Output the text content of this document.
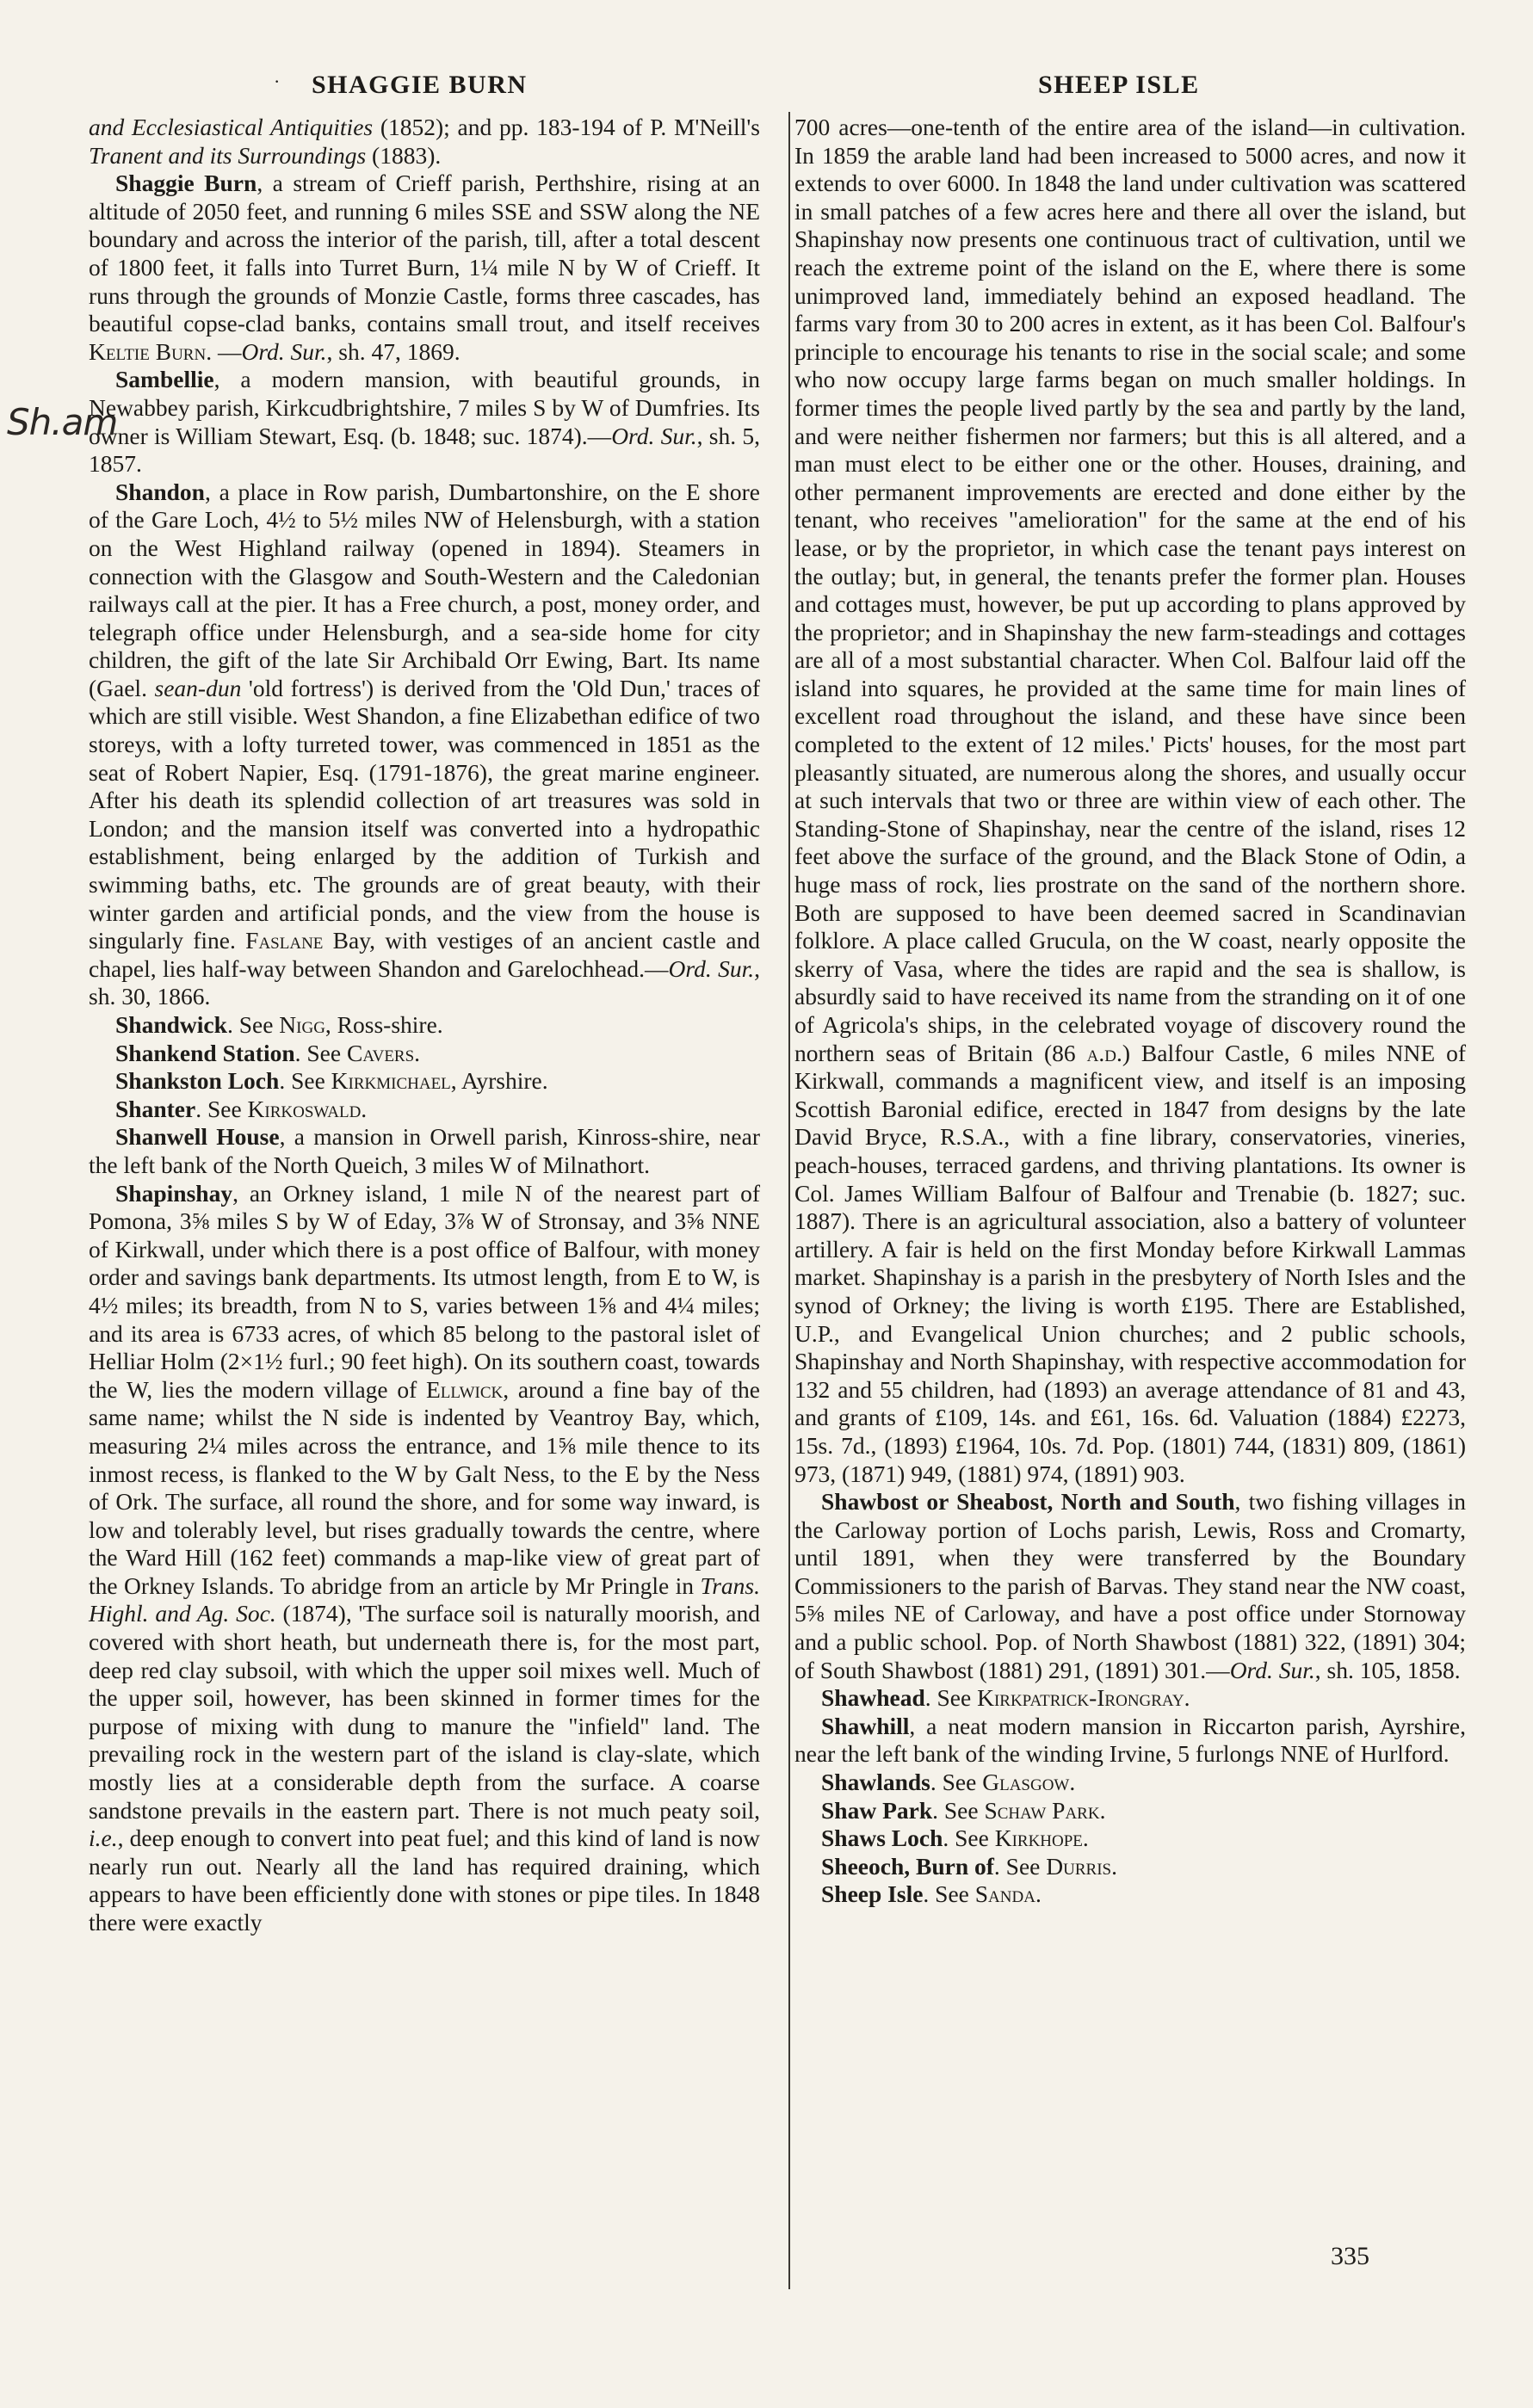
· SHAGGIE BURN	SHEEP ISLE
Sh.am

and Ecclesiastical Antiquities (1852); and pp. 183-194 of P. M'Neill's Tranent and its Surroundings (1883).

Shaggie Burn, a stream of Crieff parish, Perthshire, rising at an altitude of 2050 feet, and running 6 miles SSE and SSW along the NE boundary and across the interior of the parish, till, after a total descent of 1800 feet, it falls into Turret Burn, 1¼ mile N by W of Crieff. It runs through the grounds of Monzie Castle, forms three cascades, has beautiful copse-clad banks, contains small trout, and itself receives Keltie Burn. —Ord. Sur., sh. 47, 1869.

Sambellie, a modern mansion, with beautiful grounds, in Newabbey parish, Kirkcudbrightshire, 7 miles S by W of Dumfries. Its owner is William Stewart, Esq. (b. 1848; suc. 1874).—Ord. Sur., sh. 5, 1857.

Shandon, a place in Row parish, Dumbartonshire, on the E shore of the Gare Loch, 4½ to 5½ miles NW of Helensburgh, with a station on the West Highland railway (opened in 1894). Steamers in connection with the Glasgow and South-Western and the Caledonian railways call at the pier. It has a Free church, a post, money order, and telegraph office under Helensburgh, and a sea-side home for city children, the gift of the late Sir Archibald Orr Ewing, Bart. Its name (Gael. sean-dun 'old fortress') is derived from the 'Old Dun,' traces of which are still visible. West Shandon, a fine Elizabethan edifice of two storeys, with a lofty turreted tower, was commenced in 1851 as the seat of Robert Napier, Esq. (1791-1876), the great marine engineer. After his death its splendid collection of art treasures was sold in London; and the mansion itself was converted into a hydropathic establishment, being enlarged by the addition of Turkish and swimming baths, etc. The grounds are of great beauty, with their winter garden and artificial ponds, and the view from the house is singularly fine. Faslane Bay, with vestiges of an ancient castle and chapel, lies half-way between Shandon and Garelochhead.—Ord. Sur., sh. 30, 1866.

Shandwick. See Nigg, Ross-shire.

Shankend Station. See Cavers.

Shankston Loch. See Kirkmichael, Ayrshire.

Shanter. See Kirkoswald.

Shanwell House, a mansion in Orwell parish, Kinross-shire, near the left bank of the North Queich, 3 miles W of Milnathort.

Shapinshay, an Orkney island, 1 mile N of the nearest part of Pomona, 3⅝ miles S by W of Eday, 3⅞ W of Stronsay, and 3⅝ NNE of Kirkwall, under which there is a post office of Balfour, with money order and savings bank departments. Its utmost length, from E to W, is 4½ miles; its breadth, from N to S, varies between 1⅝ and 4¼ miles; and its area is 6733 acres, of which 85 belong to the pastoral islet of Helliar Holm (2×1½ furl.; 90 feet high). On its southern coast, towards the W, lies the modern village of Ellwick, around a fine bay of the same name; whilst the N side is indented by Veantroy Bay, which, measuring 2¼ miles across the entrance, and 1⅝ mile thence to its inmost recess, is flanked to the W by Galt Ness, to the E by the Ness of Ork. The surface, all round the shore, and for some way inward, is low and tolerably level, but rises gradually towards the centre, where the Ward Hill (162 feet) commands a map-like view of great part of the Orkney Islands. To abridge from an article by Mr Pringle in Trans. Highl. and Ag. Soc. (1874), 'The surface soil is naturally moorish, and covered with short heath, but underneath there is, for the most part, deep red clay subsoil, with which the upper soil mixes well. Much of the upper soil, however, has been skinned in former times for the purpose of mixing with dung to manure the "infield" land. The prevailing rock in the western part of the island is clay-slate, which mostly lies at a considerable depth from the surface. A coarse sandstone prevails in the eastern part. There is not much peaty soil, i.e., deep enough to convert into peat fuel; and this kind of land is now nearly run out. Nearly all the land has required draining, which appears to have been efficiently done with stones or pipe tiles. In 1848 there were exactly

700 acres—one-tenth of the entire area of the island—in cultivation. In 1859 the arable land had been increased to 5000 acres, and now it extends to over 6000. In 1848 the land under cultivation was scattered in small patches of a few acres here and there all over the island, but Shapinshay now presents one continuous tract of cultivation, until we reach the extreme point of the island on the E, where there is some unimproved land, immediately behind an exposed headland. The farms vary from 30 to 200 acres in extent, as it has been Col. Balfour's principle to encourage his tenants to rise in the social scale; and some who now occupy large farms began on much smaller holdings. In former times the people lived partly by the sea and partly by the land, and were neither fishermen nor farmers; but this is all altered, and a man must elect to be either one or the other. Houses, draining, and other permanent improvements are erected and done either by the tenant, who receives "amelioration" for the same at the end of his lease, or by the proprietor, in which case the tenant pays interest on the outlay; but, in general, the tenants prefer the former plan. Houses and cottages must, however, be put up according to plans approved by the proprietor; and in Shapinshay the new farm-steadings and cottages are all of a most substantial character. When Col. Balfour laid off the island into squares, he provided at the same time for main lines of excellent road throughout the island, and these have since been completed to the extent of 12 miles.' Picts' houses, for the most part pleasantly situated, are numerous along the shores, and usually occur at such intervals that two or three are within view of each other. The Standing-Stone of Shapinshay, near the centre of the island, rises 12 feet above the surface of the ground, and the Black Stone of Odin, a huge mass of rock, lies prostrate on the sand of the northern shore. Both are supposed to have been deemed sacred in Scandinavian folklore. A place called Grucula, on the W coast, nearly opposite the skerry of Vasa, where the tides are rapid and the sea is shallow, is absurdly said to have received its name from the stranding on it of one of Agricola's ships, in the celebrated voyage of discovery round the northern seas of Britain (86 a.d.) Balfour Castle, 6 miles NNE of Kirkwall, commands a magnificent view, and itself is an imposing Scottish Baronial edifice, erected in 1847 from designs by the late David Bryce, R.S.A., with a fine library, conservatories, vineries, peach-houses, terraced gardens, and thriving plantations. Its owner is Col. James William Balfour of Balfour and Trenabie (b. 1827; suc. 1887). There is an agricultural association, also a battery of volunteer artillery. A fair is held on the first Monday before Kirkwall Lammas market. Shapinshay is a parish in the presbytery of North Isles and the synod of Orkney; the living is worth £195. There are Established, U.P., and Evangelical Union churches; and 2 public schools, Shapinshay and North Shapinshay, with respective accommodation for 132 and 55 children, had (1893) an average attendance of 81 and 43, and grants of £109, 14s. and £61, 16s. 6d. Valuation (1884) £2273, 15s. 7d., (1893) £1964, 10s. 7d. Pop. (1801) 744, (1831) 809, (1861) 973, (1871) 949, (1881) 974, (1891) 903.

Shawbost or Sheabost, North and South, two fishing villages in the Carloway portion of Lochs parish, Lewis, Ross and Cromarty, until 1891, when they were transferred by the Boundary Commissioners to the parish of Barvas. They stand near the NW coast, 5⅝ miles NE of Carloway, and have a post office under Stornoway and a public school. Pop. of North Shawbost (1881) 322, (1891) 304; of South Shawbost (1881) 291, (1891) 301.—Ord. Sur., sh. 105, 1858.

Shawhead. See Kirkpatrick-Irongray.

Shawhill, a neat modern mansion in Riccarton parish, Ayrshire, near the left bank of the winding Irvine, 5 furlongs NNE of Hurlford.

Shawlands. See Glasgow.

Shaw Park. See Schaw Park.

Shaws Loch. See Kirkhope.

Sheeoch, Burn of. See Durris.

Sheep Isle. See Sanda.

335
